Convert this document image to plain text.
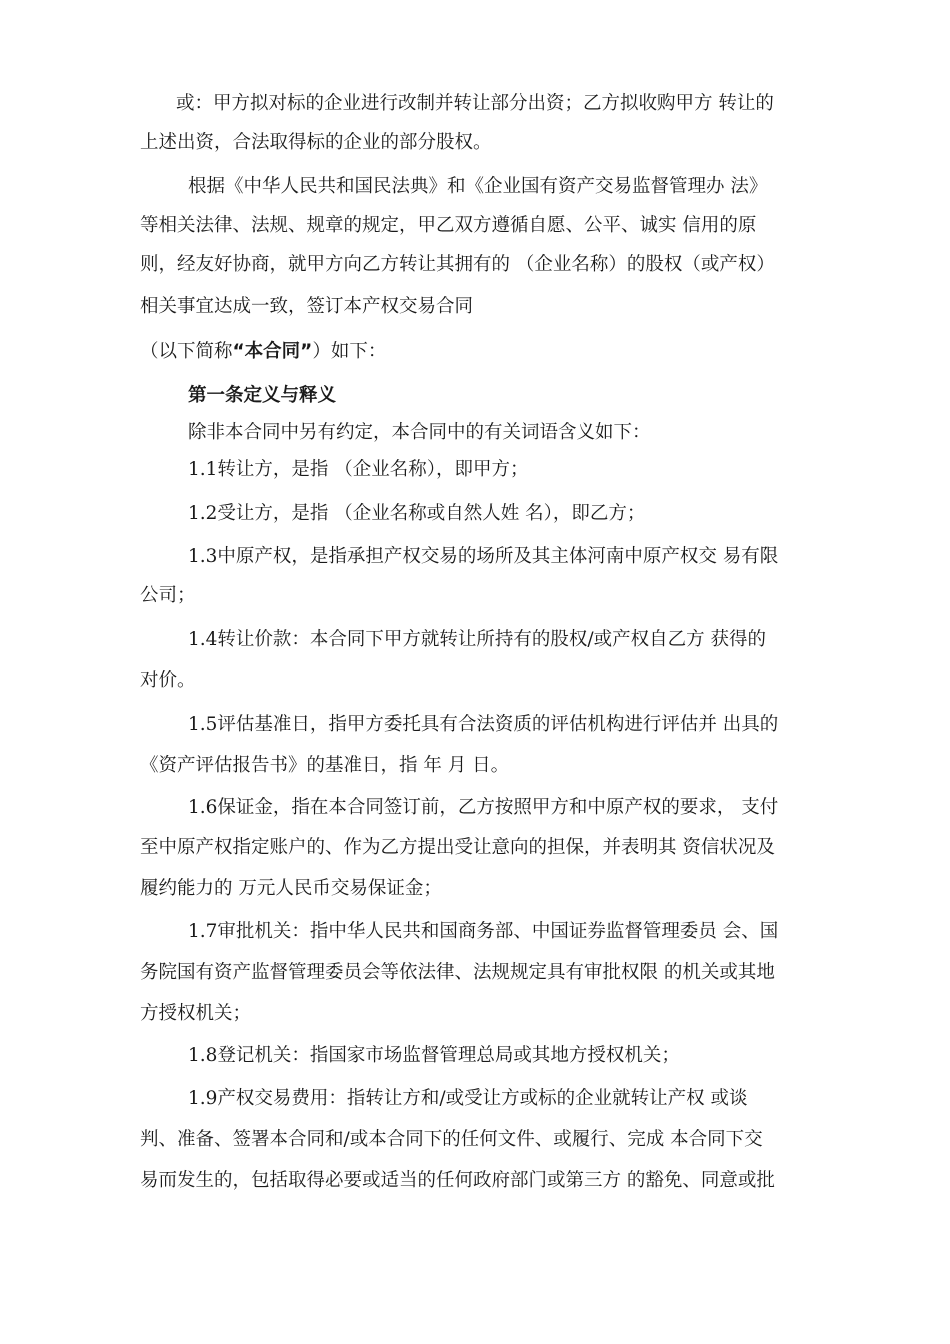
或：甲方拟对标的企业进行改制并转让部分出资；乙方拟收购甲方 转让的
上述出资，合法取得标的企业的部分股权。
根据《中华人民共和国民法典》和《企业国有资产交易监督管理办 法》
等相关法律、法规、规章的规定，甲乙双方遵循自愿、公平、诚实 信用的原
则，经友好协商，就甲方向乙方转让其拥有的 （企业名称）的股权（或产权）
相关事宜达成一致，签订本产权交易合同
（以下简称“本合同”）如下：
第一条定义与释义
除非本合同中另有约定，本合同中的有关词语含义如下：
1.1转让方，是指 （企业名称），即甲方；
1.2受让方，是指 （企业名称或自然人姓 名），即乙方；
1.3中原产权，是指承担产权交易的场所及其主体河南中原产权交 易有限
公司；
1.4转让价款：本合同下甲方就转让所持有的股权/或产权自乙方 获得的
对价。
1.5评估基准日，指甲方委托具有合法资质的评估机构进行评估并 出具的
《资产评估报告书》的基准日，指 年 月 日。
1.6保证金，指在本合同签订前，乙方按照甲方和中原产权的要求， 支付
至中原产权指定账户的、作为乙方提出受让意向的担保，并表明其 资信状况及
履约能力的 万元人民币交易保证金；
1.7审批机关：指中华人民共和国商务部、中国证券监督管理委员 会、国
务院国有资产监督管理委员会等依法律、法规规定具有审批权限 的机关或其地
方授权机关；
1.8登记机关：指国家市场监督管理总局或其地方授权机关；
1.9产权交易费用：指转让方和/或受让方或标的企业就转让产权 或谈
判、准备、签署本合同和/或本合同下的任何文件、或履行、完成 本合同下交
易而发生的，包括取得必要或适当的任何政府部门或第三方 的豁免、同意或批
